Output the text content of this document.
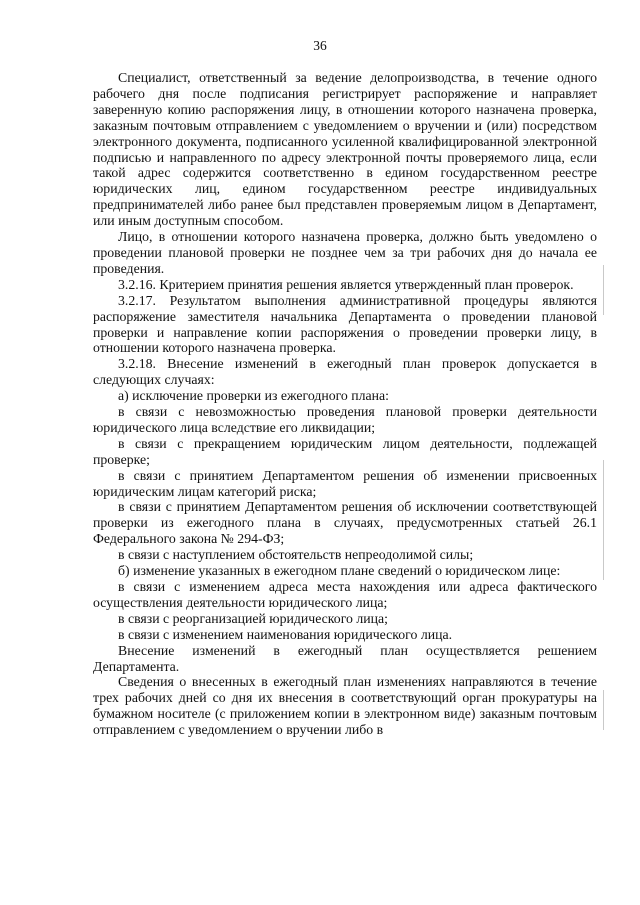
36

Специалист, ответственный за ведение делопроизводства, в течение одного рабочего дня после подписания регистрирует распоряжение и направляет заверенную копию распоряжения лицу, в отношении которого назначена проверка, заказным почтовым отправлением с уведомлением о вручении и (или) посредством электронного документа, подписанного усиленной квалифицированной электронной подписью и направленного по адресу электронной почты проверяемого лица, если такой адрес содержится соответственно в едином государственном реестре юридических лиц, едином государственном реестре индивидуальных предпринимателей либо ранее был представлен проверяемым лицом в Департамент, или иным доступным способом.

Лицо, в отношении которого назначена проверка, должно быть уведомлено о проведении плановой проверки не позднее чем за три рабочих дня до начала ее проведения.

3.2.16. Критерием принятия решения является утвержденный план проверок.

3.2.17. Результатом выполнения административной процедуры являются распоряжение заместителя начальника Департамента о проведении плановой проверки и направление копии распоряжения о проведении проверки лицу, в отношении которого назначена проверка.

3.2.18. Внесение изменений в ежегодный план проверок допускается в следующих случаях:

а) исключение проверки из ежегодного плана:

в связи с невозможностью проведения плановой проверки деятельности юридического лица вследствие его ликвидации;

в связи с прекращением юридическим лицом деятельности, подлежащей проверке;

в связи с принятием Департаментом решения об изменении присвоенных юридическим лицам категорий риска;

в связи с принятием Департаментом решения об исключении соответствующей проверки из ежегодного плана в случаях, предусмотренных статьей 26.1 Федерального закона № 294-ФЗ;

в связи с наступлением обстоятельств непреодолимой силы;

б) изменение указанных в ежегодном плане сведений о юридическом лице:

в связи с изменением адреса места нахождения или адреса фактического осуществления деятельности юридического лица;

в связи с реорганизацией юридического лица;

в связи с изменением наименования юридического лица.

Внесение изменений в ежегодный план осуществляется решением Департамента.

Сведения о внесенных в ежегодный план изменениях направляются в течение трех рабочих дней со дня их внесения в соответствующий орган прокуратуры на бумажном носителе (с приложением копии в электронном виде) заказным почтовым отправлением с уведомлением о вручении либо в
